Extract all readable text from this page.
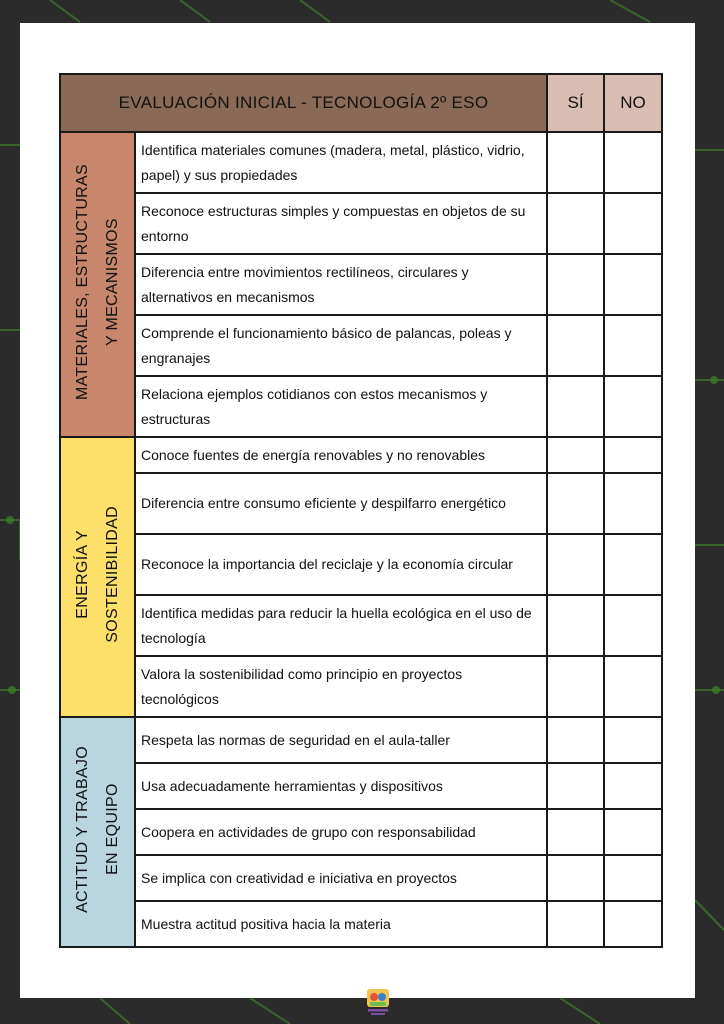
EVALUACIÓN INICIAL - TECNOLOGÍA 2º ESO		SÍ	NO
MATERIALES, ESTRUCTURAS
Y MECANISMOS	Identifica materiales comunes (madera, metal, plástico, vidrio, papel) y sus propiedades		
	Reconoce estructuras simples y compuestas en objetos de su entorno		
	Diferencia entre movimientos rectilíneos, circulares y alternativos en mecanismos		
	Comprende el funcionamiento básico de palancas, poleas y engranajes		
	Relaciona ejemplos cotidianos con estos mecanismos y estructuras		
ENERGÍA Y
SOSTENIBILIDAD	Conoce fuentes de energía renovables y no renovables		
	Diferencia entre consumo eficiente y despilfarro energético		
	Reconoce la importancia del reciclaje y la economía circular		
	Identifica medidas para reducir la huella ecológica en el uso de tecnología		
	Valora la sostenibilidad como principio en proyectos tecnológicos		
ACTITUD Y TRABAJO
EN EQUIPO	Respeta las normas de seguridad en el aula-taller		
	Usa adecuadamente herramientas y dispositivos		
	Coopera en actividades de grupo con responsabilidad		
	Se implica con creatividad e iniciativa en proyectos		
	Muestra actitud positiva hacia la materia		
